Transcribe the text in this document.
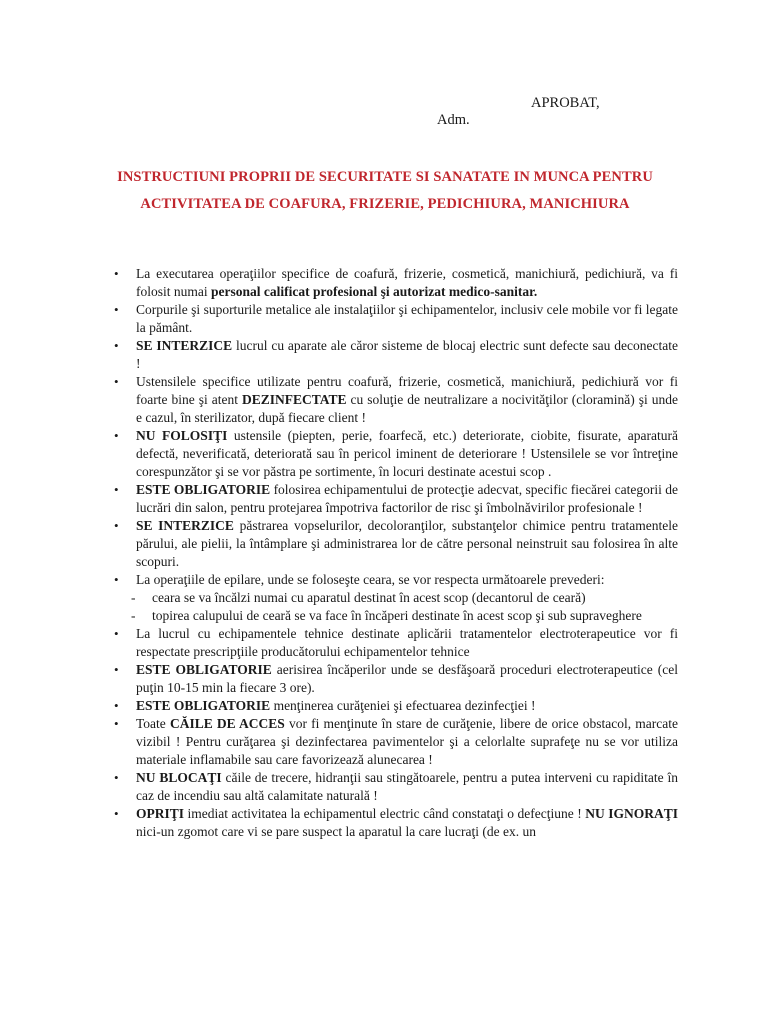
APROBAT,
Adm.
INSTRUCTIUNI PROPRII DE SECURITATE SI SANATATE IN MUNCA PENTRU
ACTIVITATEA DE COAFURA, FRIZERIE, PEDICHIURA, MANICHIURA
• La executarea operaţiilor specifice de coafură, frizerie, cosmetică, manichiură, pedichiură, va fi folosit numai personal calificat profesional şi autorizat medico-sanitar.
• Corpurile şi suporturile metalice ale instalaţiilor şi echipamentelor, inclusiv cele mobile vor fi legate la pământ.
• SE INTERZICE lucrul cu aparate ale căror sisteme de blocaj electric sunt defecte sau deconectate !
• Ustensilele specifice utilizate pentru coafură, frizerie, cosmetică, manichiură, pedichiură vor fi foarte bine şi atent DEZINFECTATE cu soluţie de neutralizare a nocivităţilor (cloramină) şi unde e cazul, în sterilizator, după fiecare client !
• NU FOLOSIŢI ustensile (piepten, perie, foarfecă, etc.) deteriorate, ciobite, fisurate, aparatură defectă, neverificată, deteriorată sau în pericol iminent de deteriorare ! Ustensilele se vor întreţine corespunzător şi se vor păstra pe sortimente, în locuri destinate acestui scop .
• ESTE OBLIGATORIE folosirea echipamentului de protecţie adecvat, specific fiecărei categorii de lucrări din salon, pentru protejarea împotriva factorilor de risc şi îmbolnăvirilor profesionale !
• SE INTERZICE păstrarea vopselurilor, decoloranţilor, substanţelor chimice pentru tratamentele părului, ale pielii, la întâmplare şi administrarea lor de către personal neinstruit sau folosirea în alte scopuri.
• La operaţiile de epilare, unde se foloseşte ceara, se vor respecta următoarele prevederi:
- ceara se va încălzi numai cu aparatul destinat în acest scop (decantorul de ceară)
- topirea calupului de ceară se va face în încăperi destinate în acest scop şi sub supraveghere
• La lucrul cu echipamentele tehnice destinate aplicării tratamentelor electroterapeutice vor fi respectate prescripţiile producătorului echipamentelor tehnice
• ESTE OBLIGATORIE aerisirea încăperilor unde se desfăşoară proceduri electroterapeutice (cel puţin 10-15 min la fiecare 3 ore).
• ESTE OBLIGATORIE menţinerea curăţeniei şi efectuarea dezinfecţiei !
• Toate CĂILE DE ACCES vor fi menţinute în stare de curăţenie, libere de orice obstacol, marcate vizibil ! Pentru curăţarea şi dezinfectarea pavimentelor şi a celorlalte suprafeţe nu se vor utiliza materiale inflamabile sau care favorizează alunecarea !
• NU BLOCAŢI căile de trecere, hidranţii sau stingătoarele, pentru a putea interveni cu rapiditate în caz de incendiu sau altă calamitate naturală !
• OPRIŢI imediat activitatea la echipamentul electric când constataţi o defecţiune ! NU IGNORAŢI nici-un zgomot care vi se pare suspect la aparatul la care lucraţi (de ex. un
